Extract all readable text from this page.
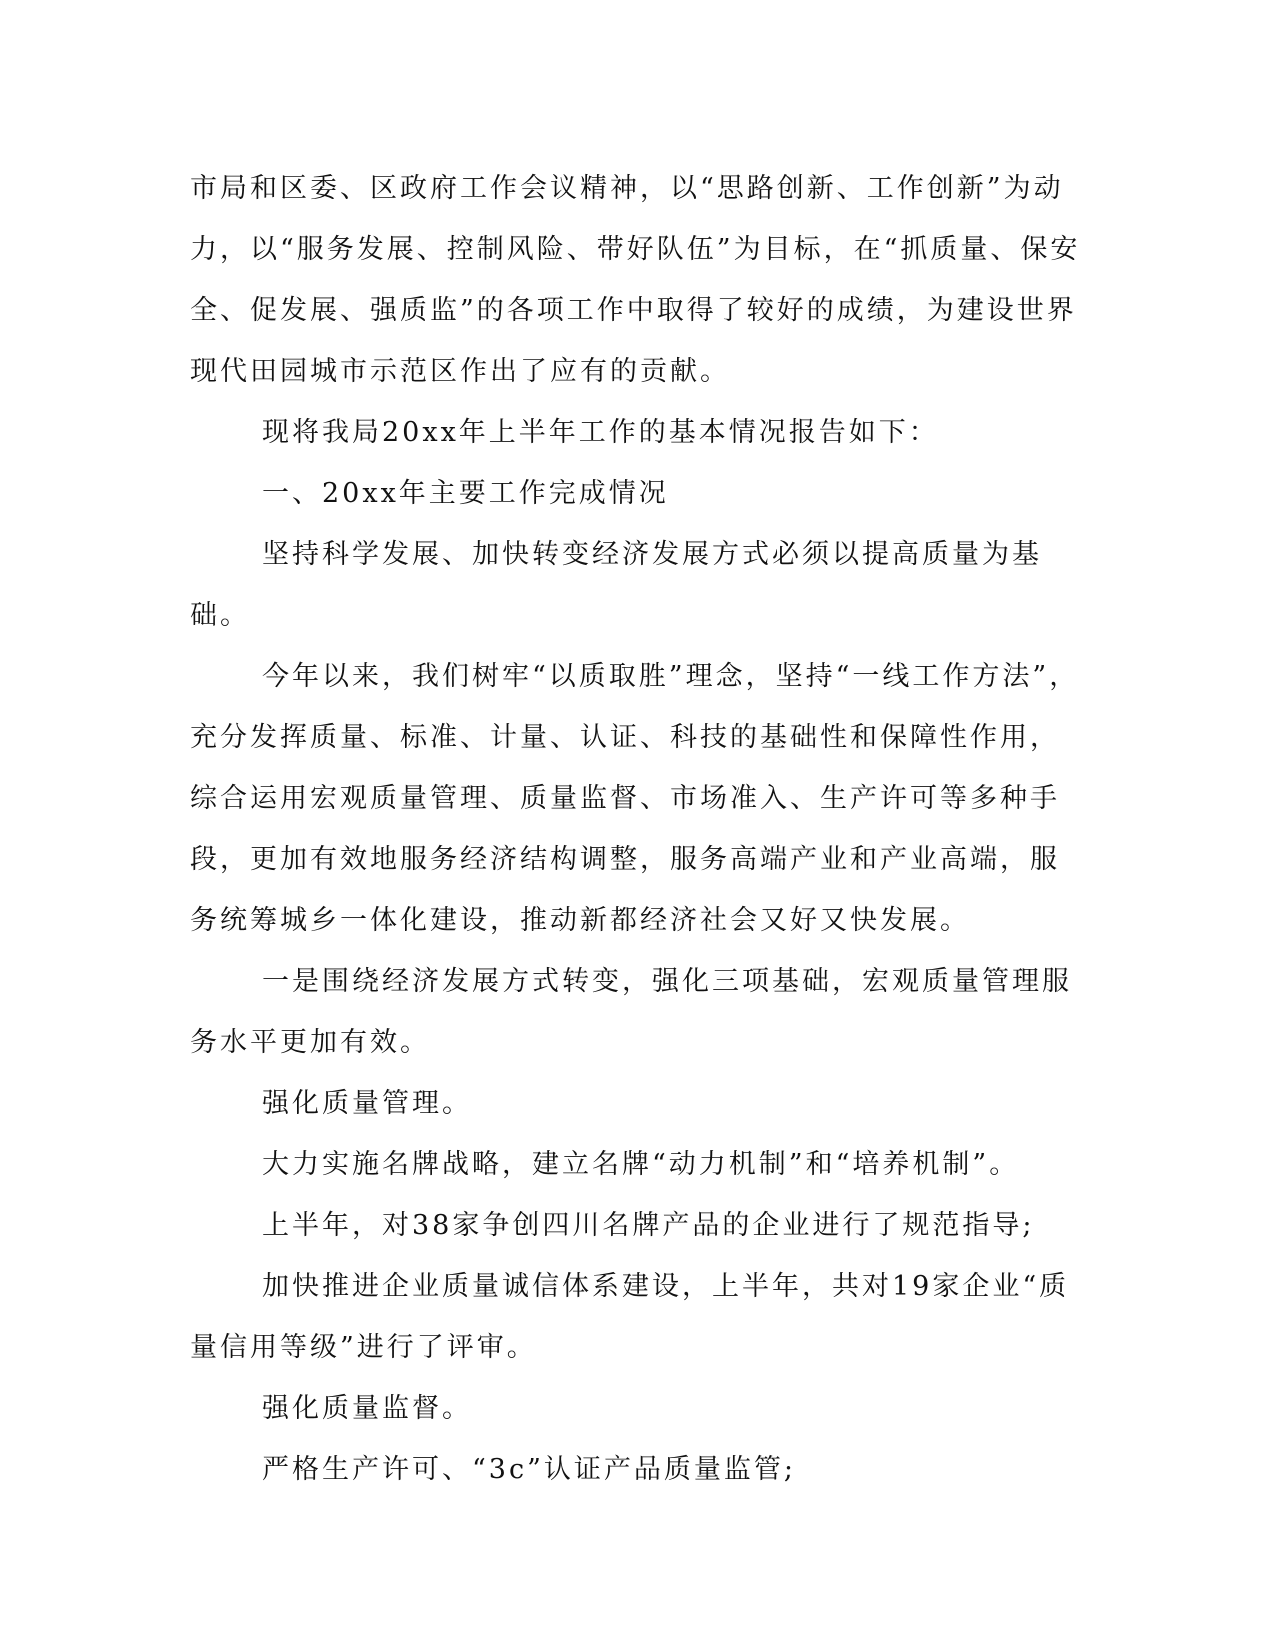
市局和区委、区政府工作会议精神，以“思路创新、工作创新”为动力，以“服务发展、控制风险、带好队伍”为目标，在“抓质量、保安全、促发展、强质监”的各项工作中取得了较好的成绩，为建设世界现代田园城市示范区作出了应有的贡献。

现将我局20xx年上半年工作的基本情况报告如下：

一、20xx年主要工作完成情况

坚持科学发展、加快转变经济发展方式必须以提高质量为基础。

今年以来，我们树牢“以质取胜”理念，坚持“一线工作方法”，充分发挥质量、标准、计量、认证、科技的基础性和保障性作用，综合运用宏观质量管理、质量监督、市场准入、生产许可等多种手段，更加有效地服务经济结构调整，服务高端产业和产业高端，服务统筹城乡一体化建设，推动新都经济社会又好又快发展。

一是围绕经济发展方式转变，强化三项基础，宏观质量管理服务水平更加有效。

强化质量管理。

大力实施名牌战略，建立名牌“动力机制”和“培养机制”。

上半年，对38家争创四川名牌产品的企业进行了规范指导;

加快推进企业质量诚信体系建设，上半年，共对19家企业“质量信用等级”进行了评审。

强化质量监督。

严格生产许可、“3c”认证产品质量监管;
